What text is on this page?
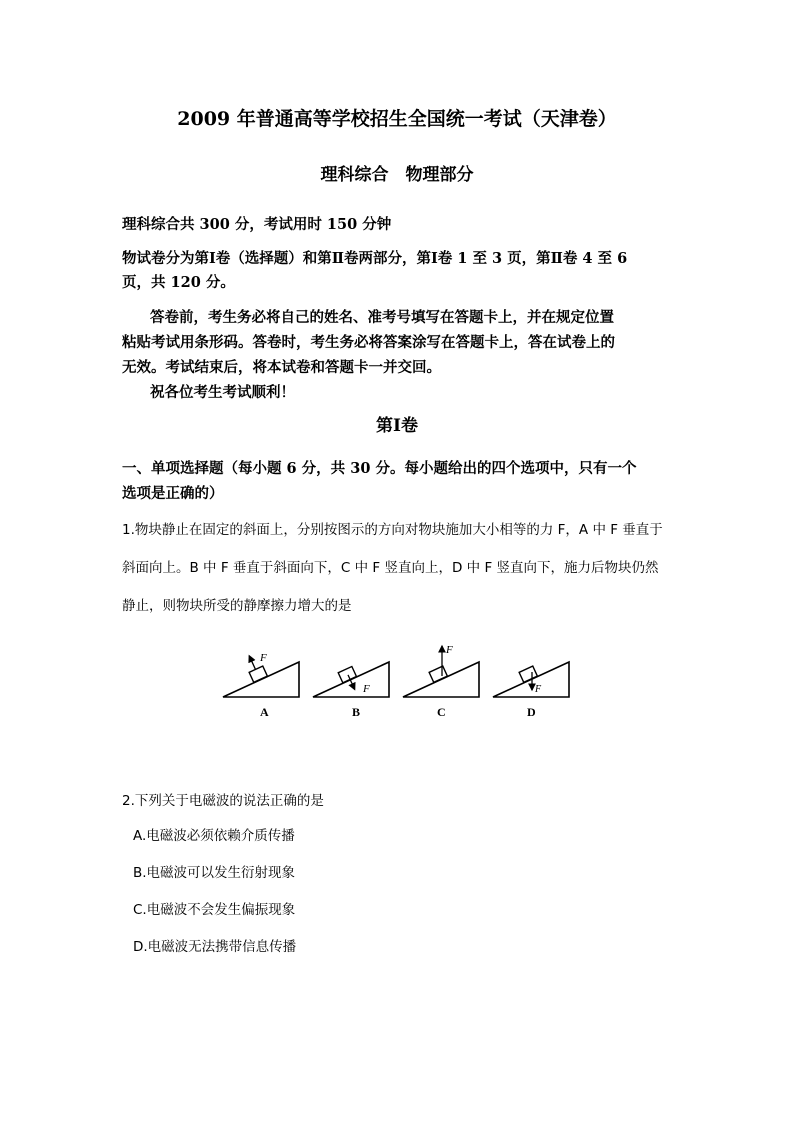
2009 年普通高等学校招生全国统一考试（天津卷）
理科综合　物理部分
理科综合共 300 分，考试用时 150 分钟
物试卷分为第Ⅰ卷（选择题）和第Ⅱ卷两部分，第Ⅰ卷 1 至 3 页，第Ⅱ卷 4 至 6
页，共 120 分。
答卷前，考生务必将自己的姓名、准考号填写在答题卡上，并在规定位置
粘贴考试用条形码。答卷时，考生务必将答案涂写在答题卡上，答在试卷上的
无效。考试结束后，将本试卷和答题卡一并交回。
祝各位考生考试顺利！
第Ⅰ卷
一、单项选择题（每小题 6 分，共 30 分。每小题给出的四个选项中，只有一个
选项是正确的）
1.物块静止在固定的斜面上，分别按图示的方向对物块施加大小相等的力 F，A 中 F 垂直于
斜面向上。B 中 F 垂直于斜面向下，C 中 F 竖直向上，D 中 F 竖直向下，施力后物块仍然
静止，则物块所受的静摩擦力增大的是
F
A
F
B
F
C
F
D
2.下列关于电磁波的说法正确的是
A.电磁波必须依赖介质传播
B.电磁波可以发生衍射现象
C.电磁波不会发生偏振现象
D.电磁波无法携带信息传播
